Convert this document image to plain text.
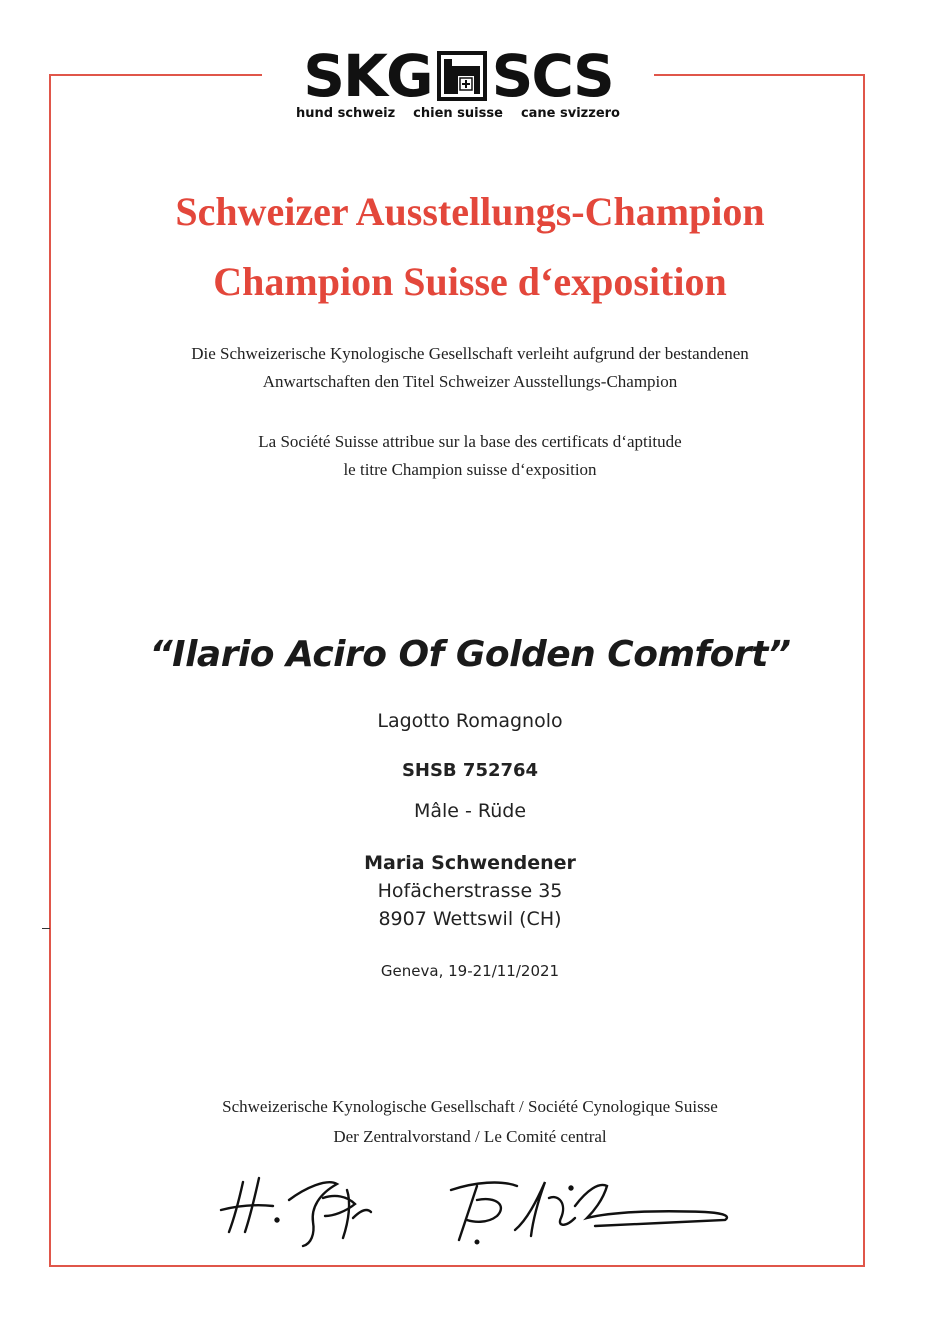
SKG SCS
hund schweiz chien suisse cane svizzero
Schweizer Ausstellungs-Champion
Champion Suisse d‘exposition
Die Schweizerische Kynologische Gesellschaft verleiht aufgrund der bestandenen
Anwartschaften den Titel Schweizer Ausstellungs-Champion
La Société Suisse attribue sur la base des certificats d‘aptitude
le titre Champion suisse d‘exposition
“Ilario Aciro Of Golden Comfort”
Lagotto Romagnolo
SHSB 752764
Mâle - Rüde
Maria Schwendener
Hofächerstrasse 35
8907 Wettswil (CH)
Geneva, 19-21/11/2021
Schweizerische Kynologische Gesellschaft / Société Cynologique Suisse
Der Zentralvorstand / Le Comité central
